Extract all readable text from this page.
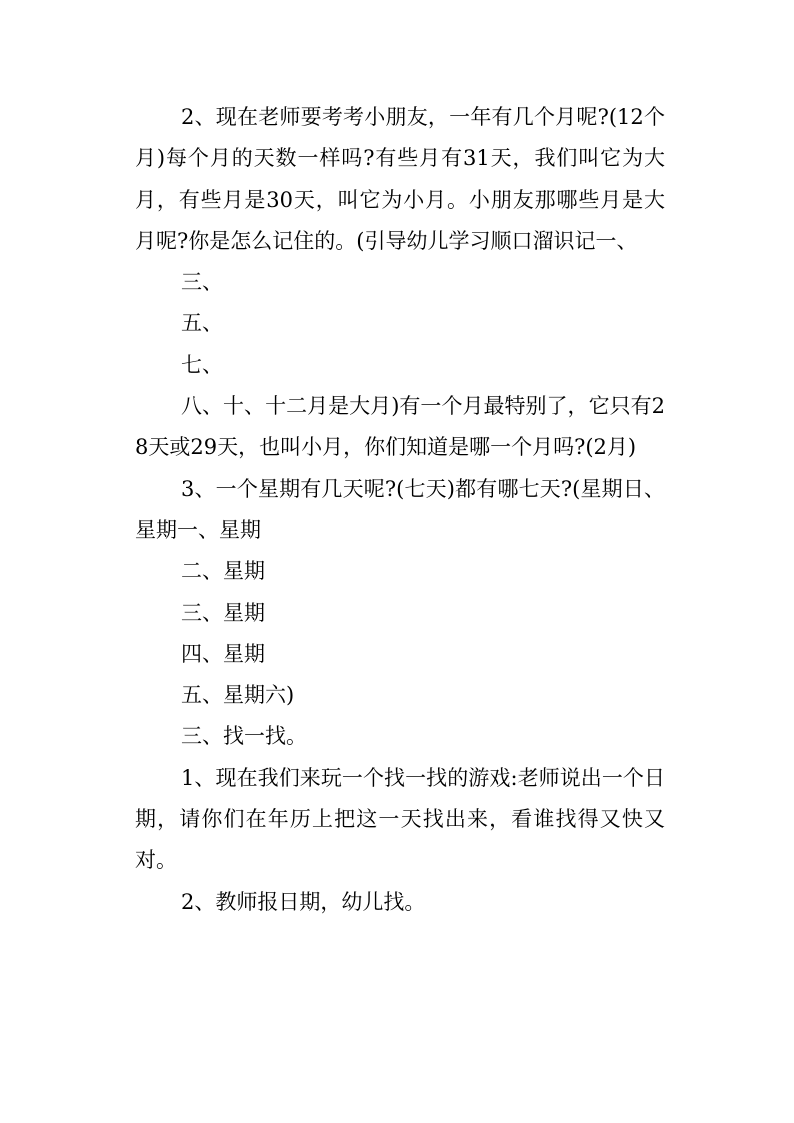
2、现在老师要考考小朋友，一年有几个月呢?(12个月)每个月的天数一样吗?有些月有31天，我们叫它为大月，有些月是30天，叫它为小月。小朋友那哪些月是大月呢?你是怎么记住的。(引导幼儿学习顺口溜识记一、

三、

五、

七、

八、十、十二月是大月)有一个月最特别了，它只有28天或29天，也叫小月，你们知道是哪一个月吗?(2月)

3、一个星期有几天呢?(七天)都有哪七天?(星期日、星期一、星期

二、星期

三、星期

四、星期

五、星期六)

三、找一找。

1、现在我们来玩一个找一找的游戏:老师说出一个日期，请你们在年历上把这一天找出来，看谁找得又快又对。

2、教师报日期，幼儿找。
